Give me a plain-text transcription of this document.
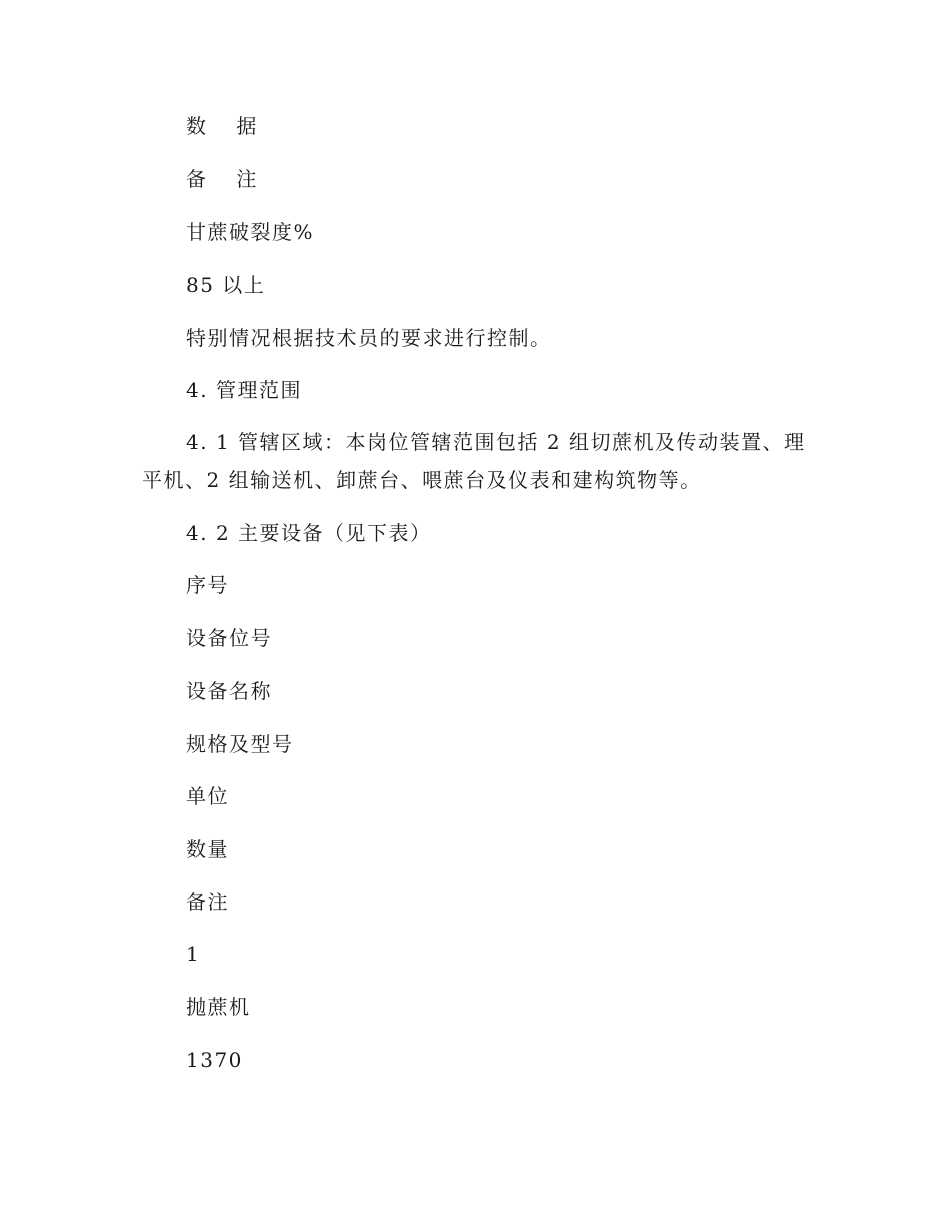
数 据
备 注
甘蔗破裂度%
85 以上
特别情况根据技术员的要求进行控制。
4. 管理范围
4. 1 管辖区域：本岗位管辖范围包括 2 组切蔗机及传动装置、理平机、2 组输送机、卸蔗台、喂蔗台及仪表和建构筑物等。
4. 2 主要设备（见下表）
序号
设备位号
设备名称
规格及型号
单位
数量
备注
1
抛蔗机
1370
